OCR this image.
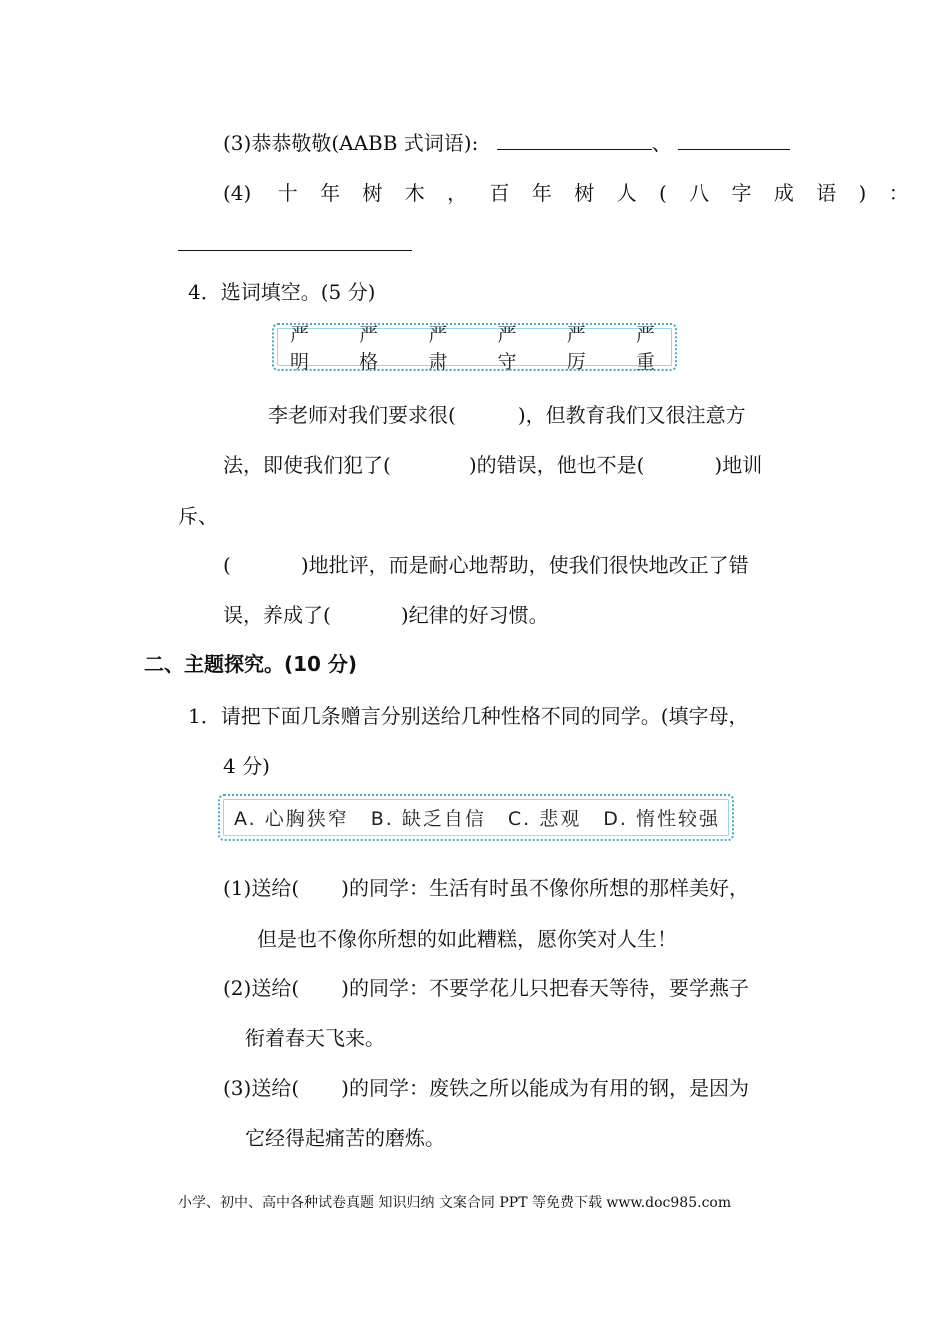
(3)恭恭敬敬(AABB 式词语):	、
(4) 十 年 树 木 ， 百 年 树 人 ( 八 字 成 语 ) ：
4．选词填空。(5 分)
严明
严格
严肃
严守
严厉
严重
李老师对我们要求很(	)，但教育我们又很注意方
法，即使我们犯了(	)的错误，他也不是(	)地训
斥、
(	)地批评，而是耐心地帮助，使我们很快地改正了错
误，养成了(	)纪律的好习惯。
二、主题探究。(10 分)
1．请把下面几条赠言分别送给几种性格不同的同学。(填字母，
4 分)
A. 心胸狭窄 B. 缺乏自信 C. 悲观 D. 惰性较强
(1)送给( )的同学：生活有时虽不像你所想的那样美好，
但是也不像你所想的如此糟糕，愿你笑对人生！
(2)送给( )的同学：不要学花儿只把春天等待，要学燕子
衔着春天飞来。
(3)送给( )的同学：废铁之所以能成为有用的钢，是因为
它经得起痛苦的磨炼。
小学、初中、高中各种试卷真题 知识归纳 文案合同 PPT 等免费下载 www.doc985.com
